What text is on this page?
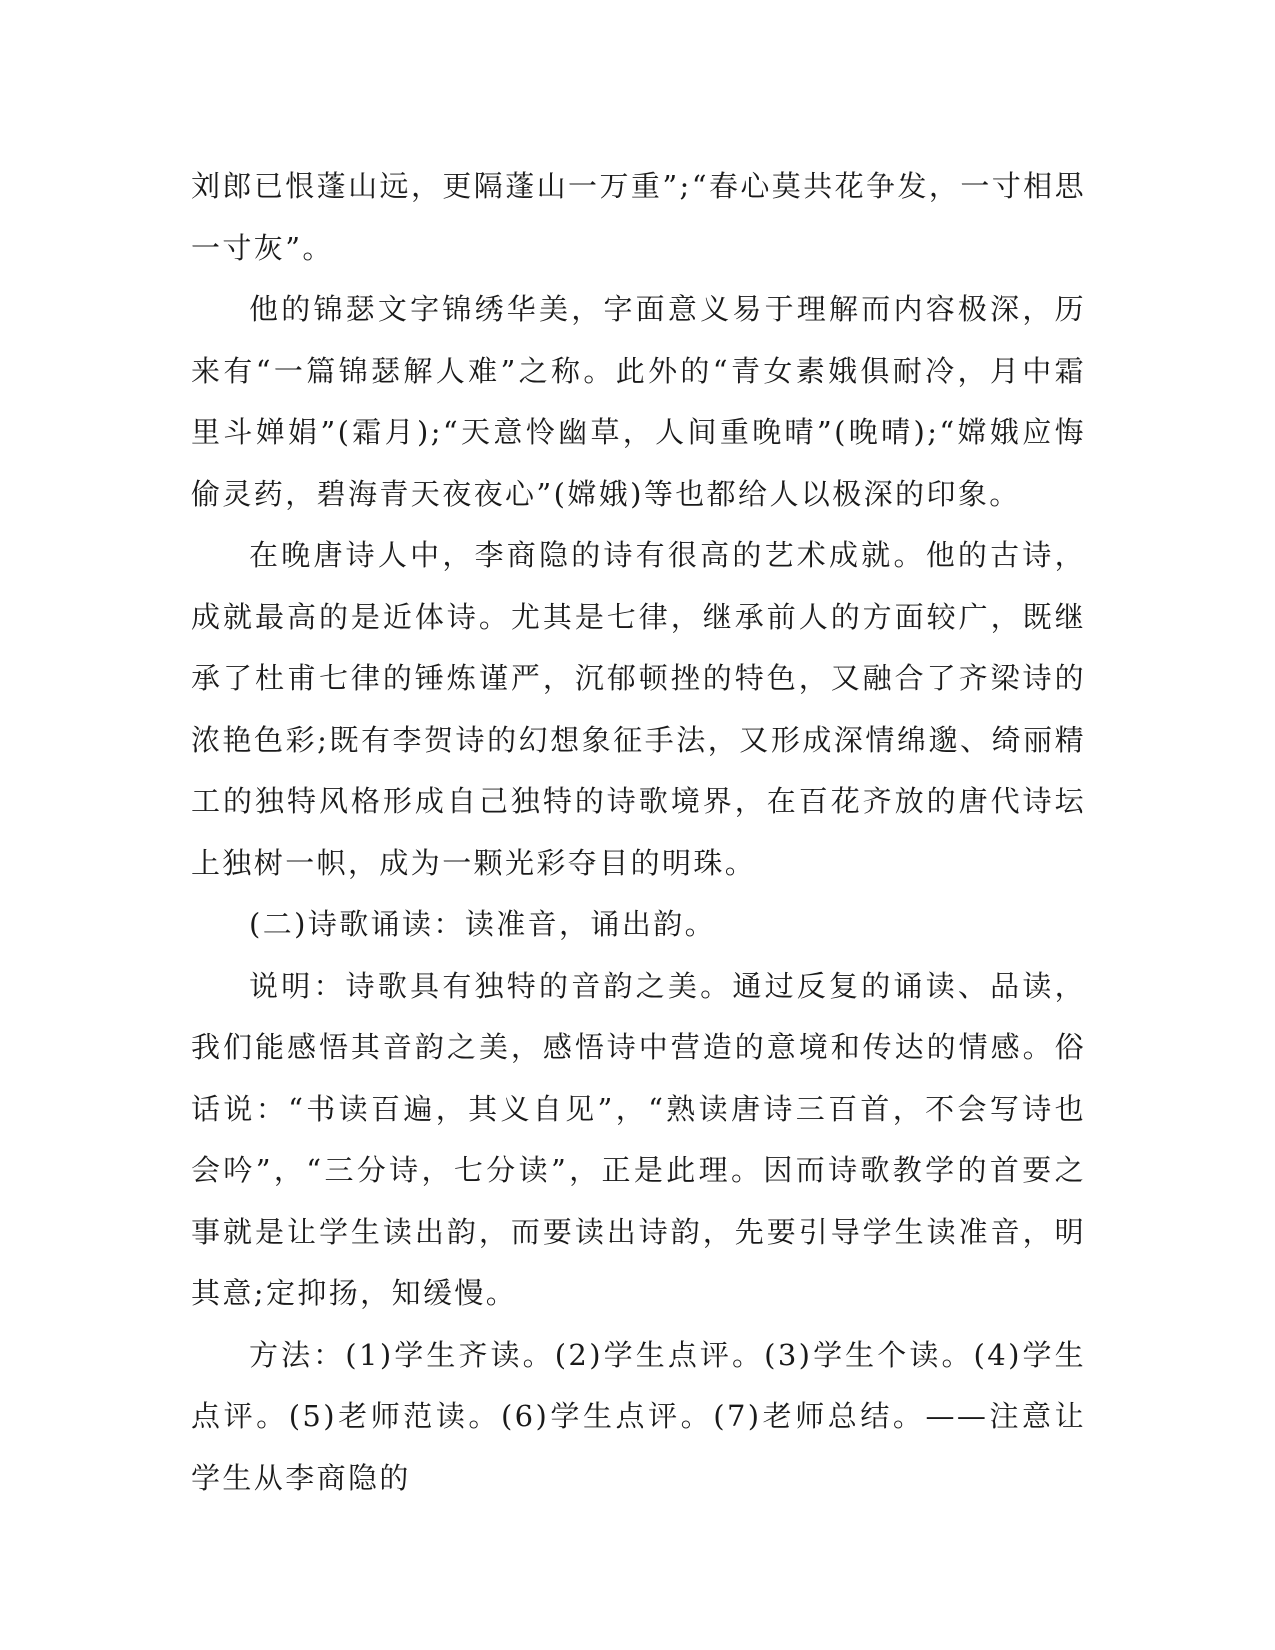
刘郎已恨蓬山远，更隔蓬山一万重”;“春心莫共花争发，一寸相思一寸灰”。

他的锦瑟文字锦绣华美，字面意义易于理解而内容极深，历来有“一篇锦瑟解人难”之称。此外的“青女素娥俱耐冷，月中霜里斗婵娟”(霜月);“天意怜幽草，人间重晚晴”(晚晴);“嫦娥应悔偷灵药，碧海青天夜夜心”(嫦娥)等也都给人以极深的印象。

在晚唐诗人中，李商隐的诗有很高的艺术成就。他的古诗，成就最高的是近体诗。尤其是七律，继承前人的方面较广，既继承了杜甫七律的锤炼谨严，沉郁顿挫的特色，又融合了齐梁诗的浓艳色彩;既有李贺诗的幻想象征手法，又形成深情绵邈、绮丽精工的独特风格形成自己独特的诗歌境界，在百花齐放的唐代诗坛上独树一帜，成为一颗光彩夺目的明珠。

(二)诗歌诵读：读准音，诵出韵。

说明：诗歌具有独特的音韵之美。通过反复的诵读、品读，我们能感悟其音韵之美，感悟诗中营造的意境和传达的情感。俗话说：“书读百遍，其义自见”，“熟读唐诗三百首，不会写诗也会吟”，“三分诗，七分读”，正是此理。因而诗歌教学的首要之事就是让学生读出韵，而要读出诗韵，先要引导学生读准音，明其意;定抑扬，知缓慢。

方法：(1)学生齐读。(2)学生点评。(3)学生个读。(4)学生点评。(5)老师范读。(6)学生点评。(7)老师总结。——注意让学生从李商隐的
